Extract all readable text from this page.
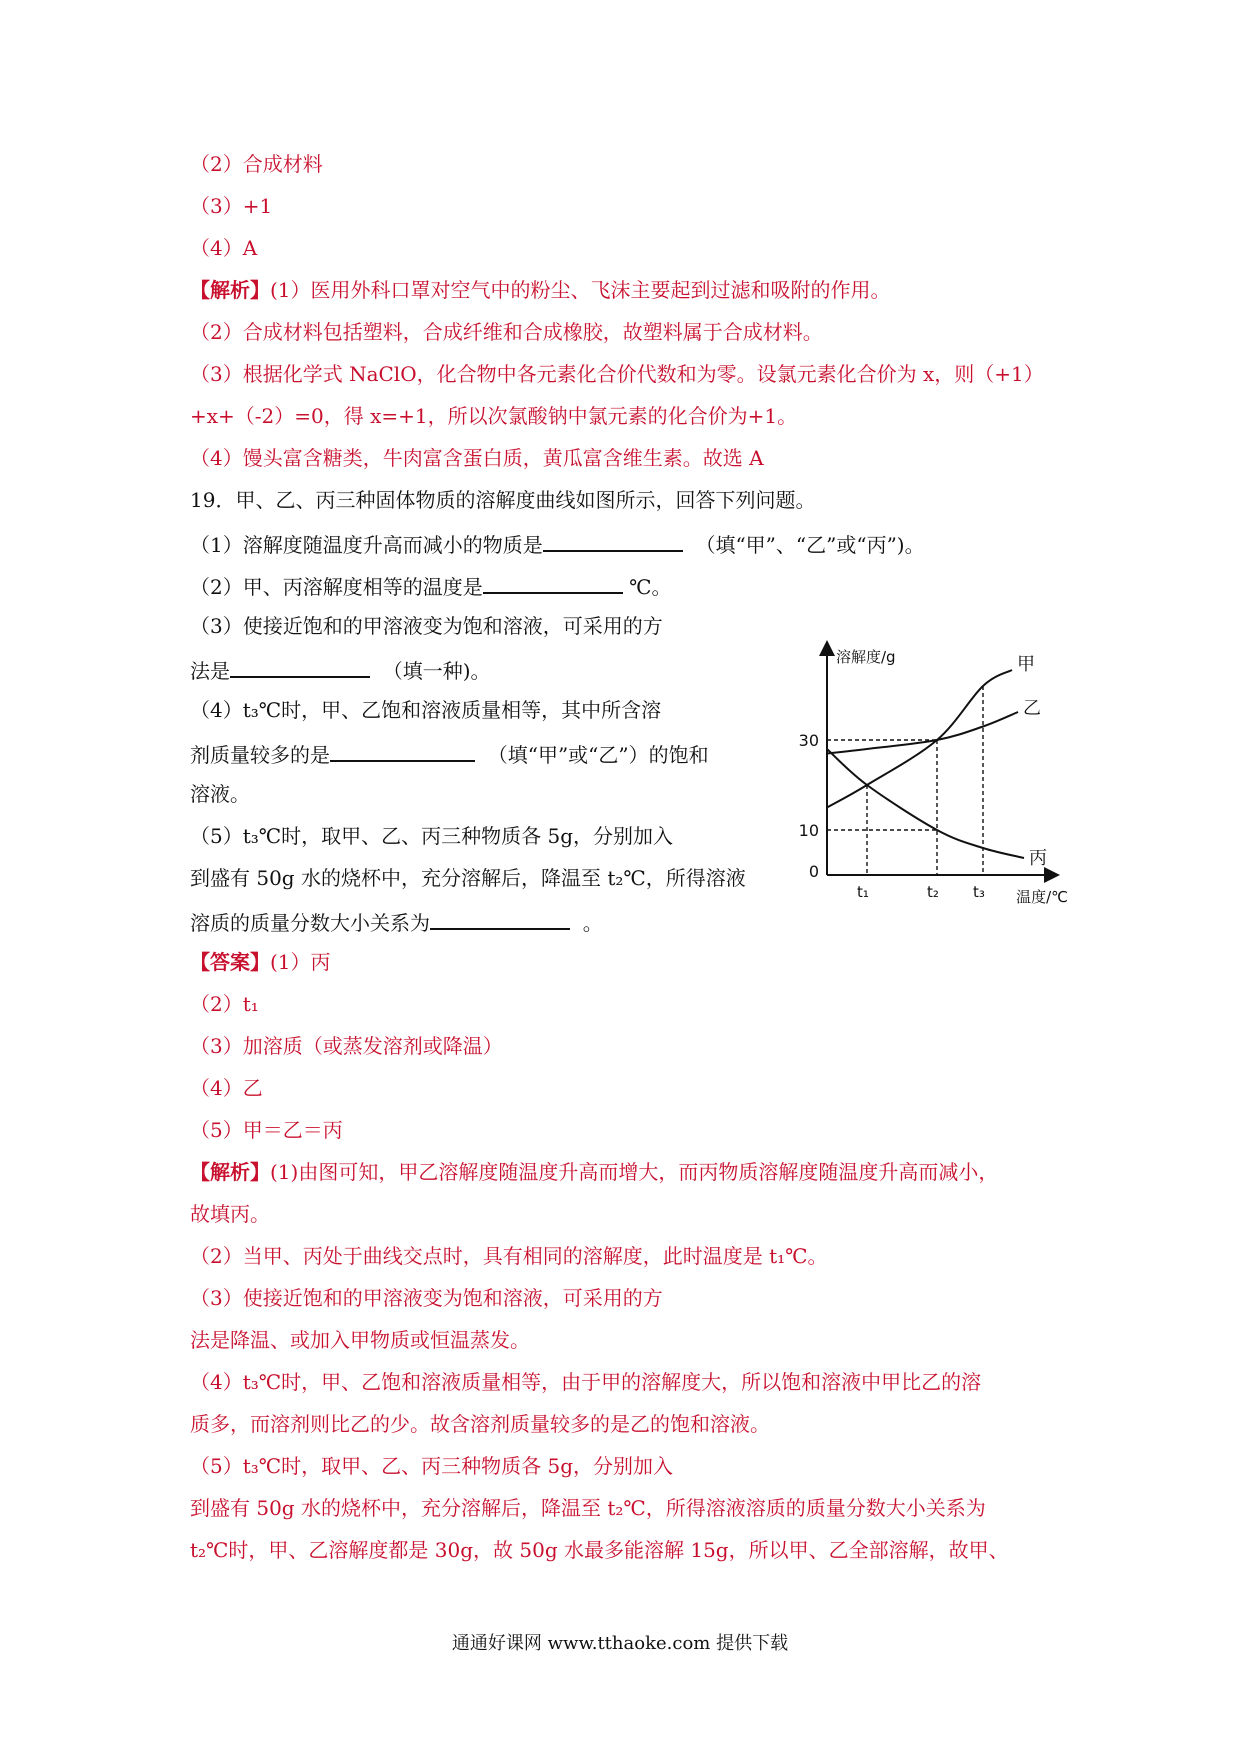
（2）合成材料
（3）+1
（4）A
【解析】(1）医用外科口罩对空气中的粉尘、飞沫主要起到过滤和吸附的作用。
（2）合成材料包括塑料，合成纤维和合成橡胶，故塑料属于合成材料。
（3）根据化学式 NaClO，化合物中各元素化合价代数和为零。设氯元素化合价为 x，则（+1）
+x+（-2）=0，得 x=+1，所以次氯酸钠中氯元素的化合价为+1。
（4）馒头富含糖类，牛肉富含蛋白质，黄瓜富含维生素。故选 A
19．甲、乙、丙三种固体物质的溶解度曲线如图所示，回答下列问题。
（1）溶解度随温度升高而减小的物质是	（填“甲”、“乙”或“丙”)。
（2）甲、丙溶解度相等的温度是	℃。
（3）使接近饱和的甲溶液变为饱和溶液，可采用的方
法是	（填一种)。
（4）t₃℃时，甲、乙饱和溶液质量相等，其中所含溶
剂质量较多的是	（填“甲”或“乙”）的饱和
溶液。
（5）t₃℃时，取甲、乙、丙三种物质各 5g，分别加入
到盛有 50g 水的烧杯中，充分溶解后，降温至 t₂℃，所得溶液
溶质的质量分数大小关系为	。
溶解度/g
温度/℃
0
10
30
t₁	t₂ t₃
甲
乙
丙
【答案】(1）丙
（2）t₁
（3）加溶质（或蒸发溶剂或降温）
（4）乙
（5）甲＝乙＝丙
【解析】(1)由图可知，甲乙溶解度随温度升高而增大，而丙物质溶解度随温度升高而减小，
故填丙。
（2）当甲、丙处于曲线交点时，具有相同的溶解度，此时温度是 t₁℃。
（3）使接近饱和的甲溶液变为饱和溶液，可采用的方
法是降温、或加入甲物质或恒温蒸发。
（4）t₃℃时，甲、乙饱和溶液质量相等，由于甲的溶解度大，所以饱和溶液中甲比乙的溶
质多，而溶剂则比乙的少。故含溶剂质量较多的是乙的饱和溶液。
（5）t₃℃时，取甲、乙、丙三种物质各 5g，分别加入
到盛有 50g 水的烧杯中，充分溶解后，降温至 t₂℃，所得溶液溶质的质量分数大小关系为
t₂℃时，甲、乙溶解度都是 30g，故 50g 水最多能溶解 15g，所以甲、乙全部溶解，故甲、
通通好课网 www.tthaoke.com 提供下载
